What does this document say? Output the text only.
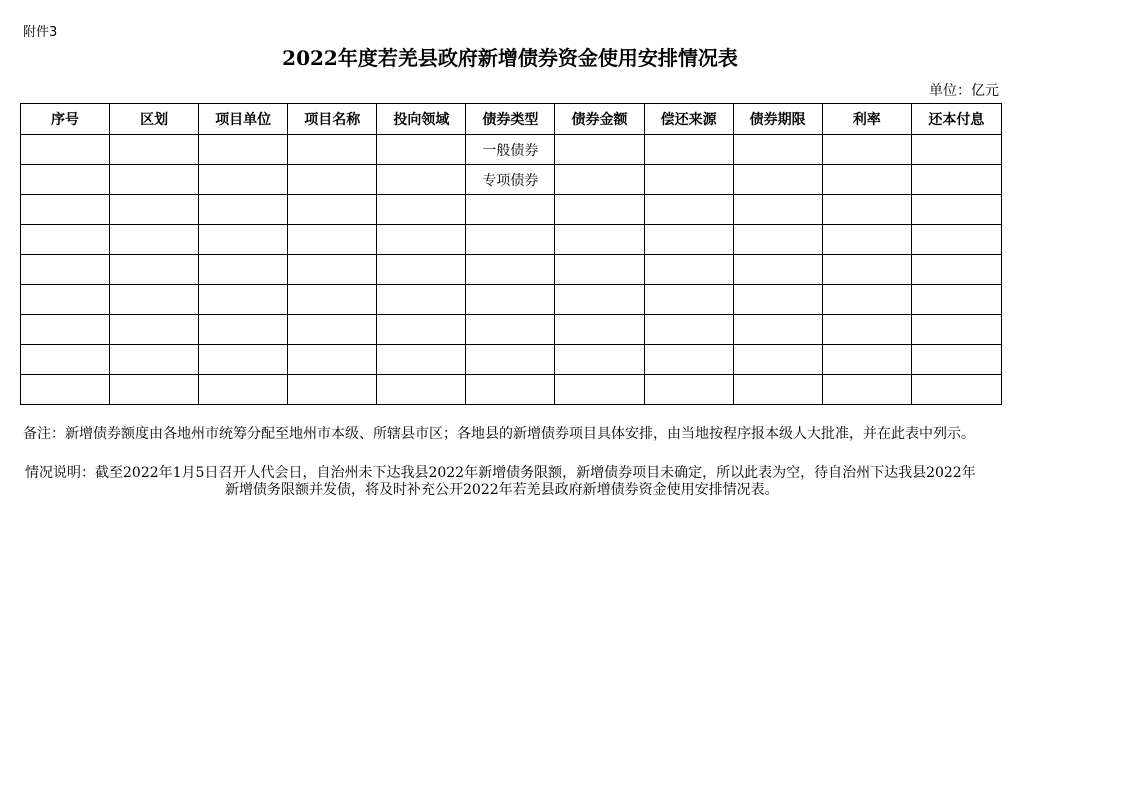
附件3
2022年度若羌县政府新增债券资金使用安排情况表
单位：亿元
序号	区划	项目单位	项目名称	投向领域	债券类型	债券金额	偿还来源	债券期限	利率	还本付息
					一般债券					
					专项债券					

备注：新增债券额度由各地州市统筹分配至地州市本级、所辖县市区；各地县的新增债券项目具体安排，由当地按程序报本级人大批准，并在此表中列示。
情况说明：截至2022年1月5日召开人代会日，自治州未下达我县2022年新增债务限额，新增债券项目未确定，所以此表为空，待自治州下达我县2022年
新增债务限额并发债，将及时补充公开2022年若羌县政府新增债券资金使用安排情况表。
